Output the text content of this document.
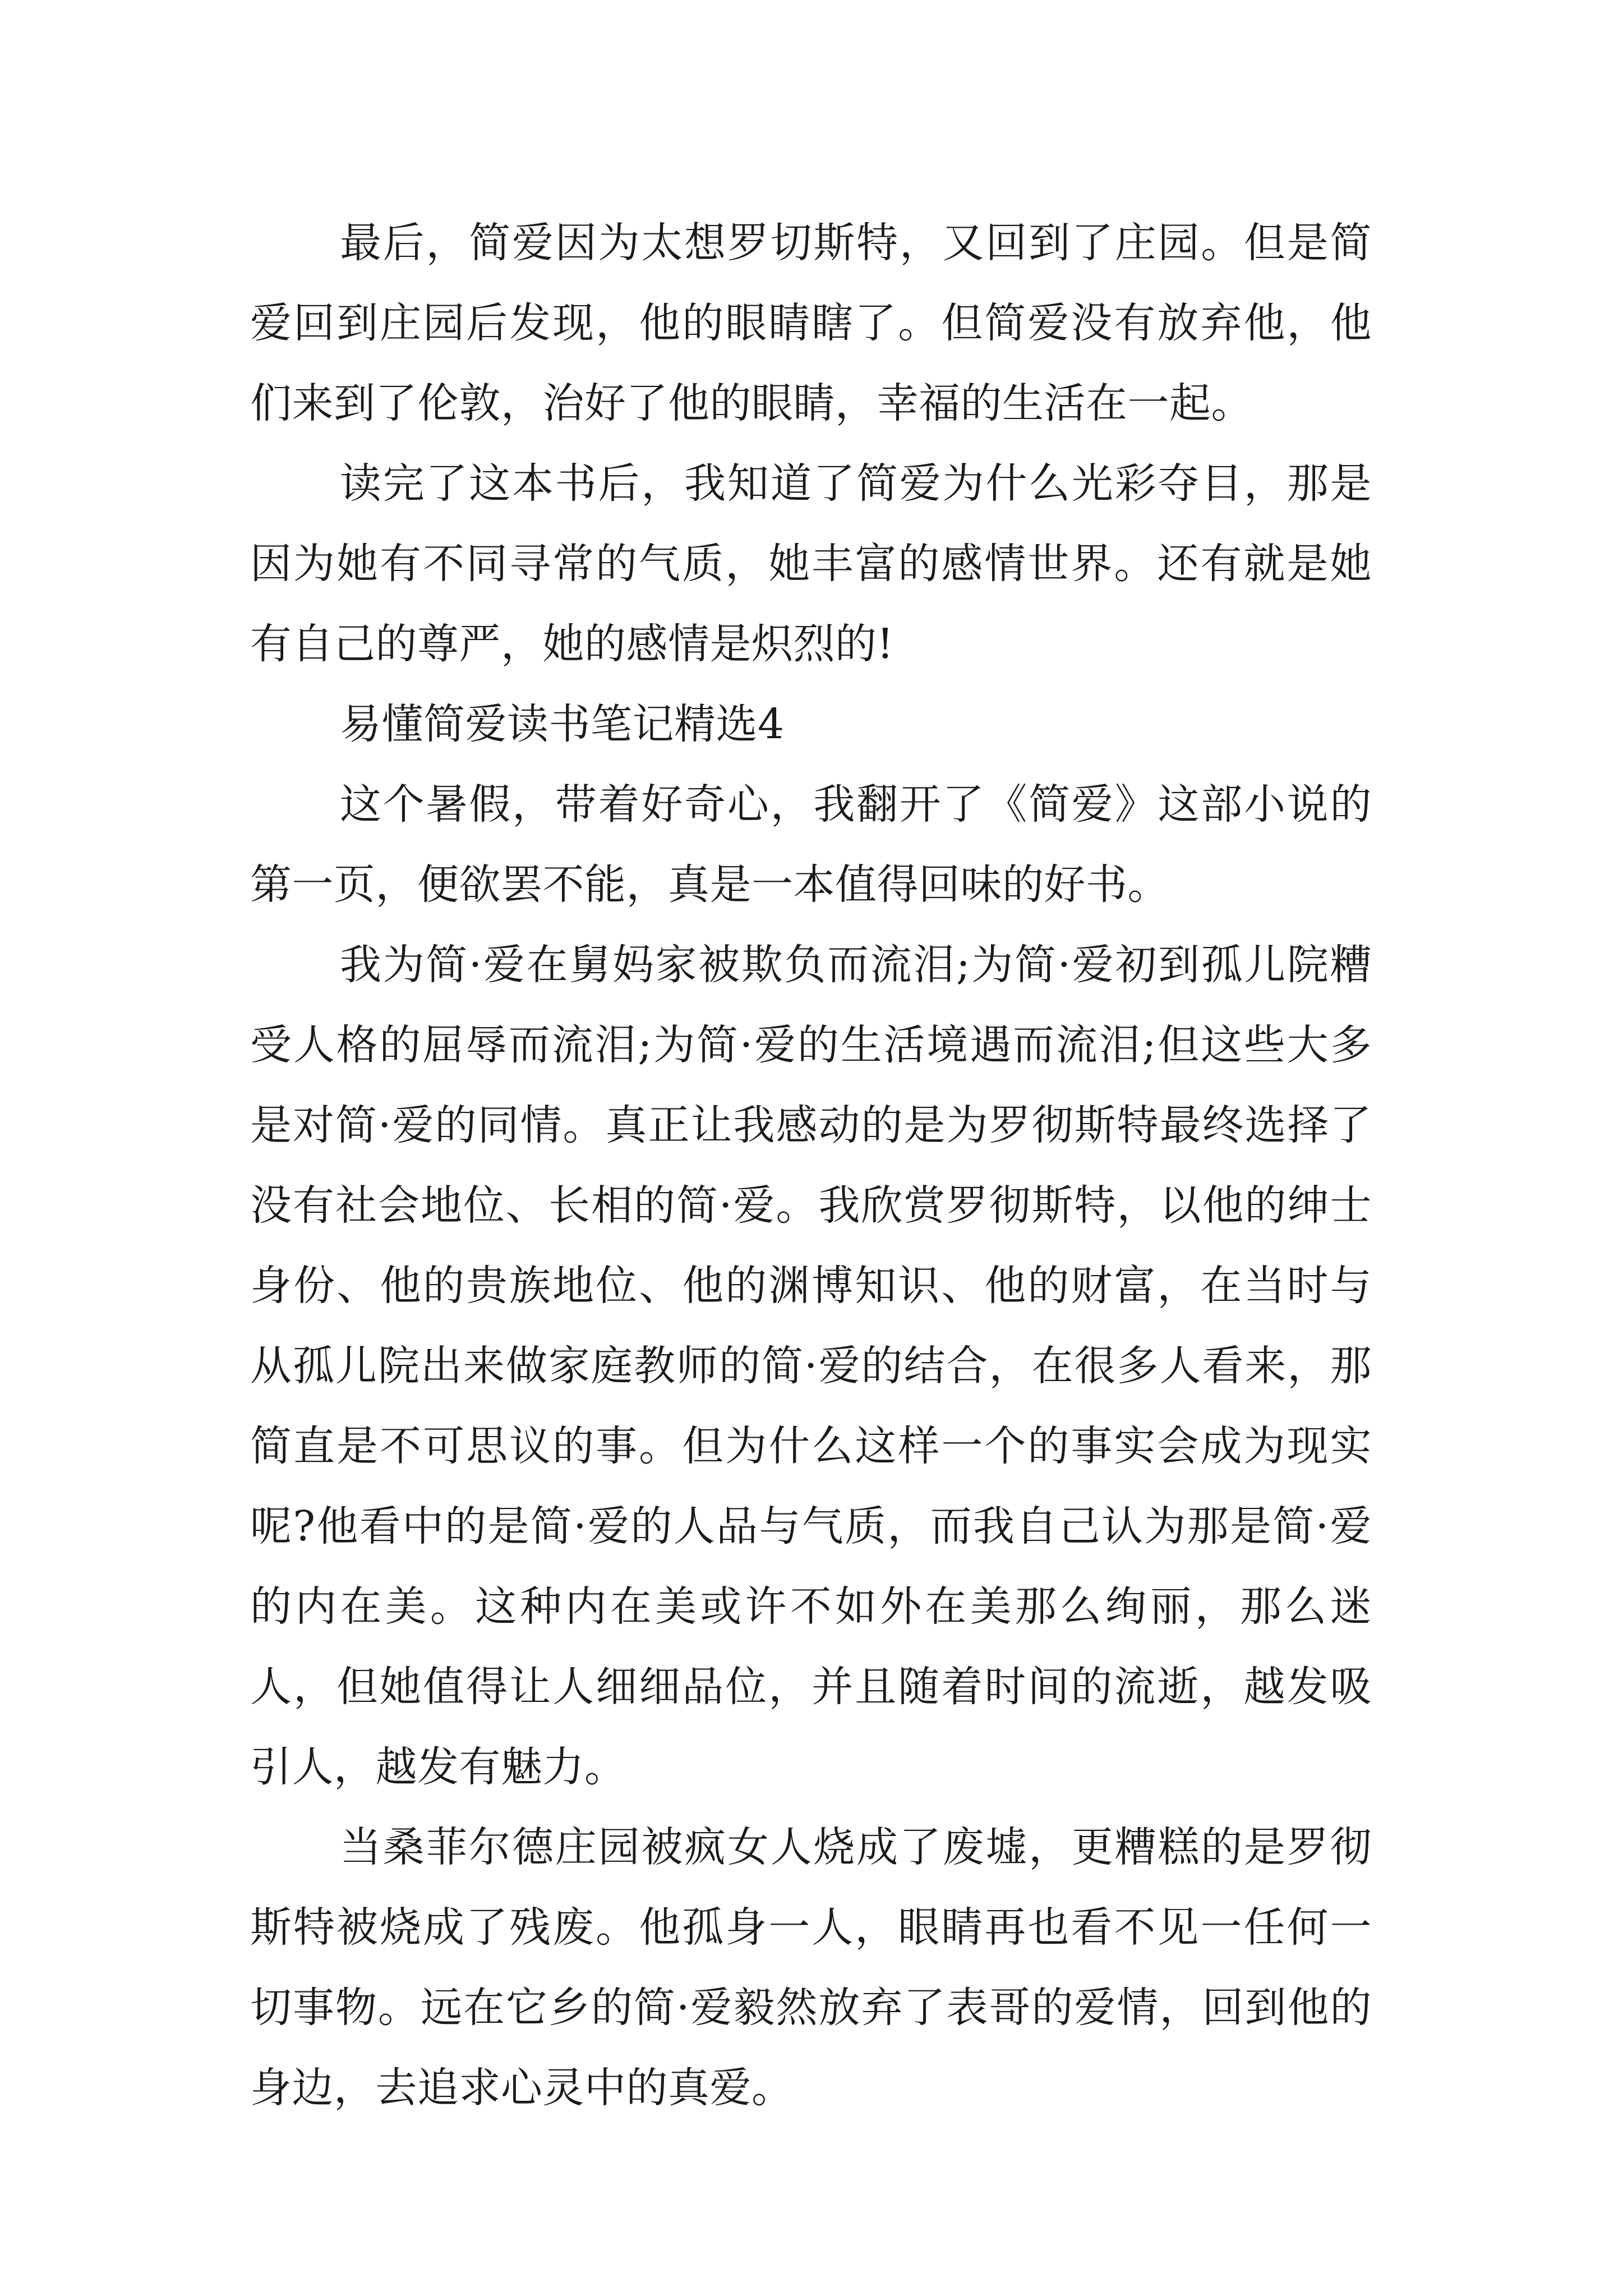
最后，简爱因为太想罗切斯特，又回到了庄园。但是简爱回到庄园后发现，他的眼睛瞎了。但简爱没有放弃他，他们来到了伦敦，治好了他的眼睛，幸福的生活在一起。

读完了这本书后，我知道了简爱为什么光彩夺目，那是因为她有不同寻常的气质，她丰富的感情世界。还有就是她有自己的尊严，她的感情是炽烈的!

易懂简爱读书笔记精选4

这个暑假，带着好奇心，我翻开了《简爱》这部小说的第一页，便欲罢不能，真是一本值得回味的好书。

我为简·爱在舅妈家被欺负而流泪;为简·爱初到孤儿院糟受人格的屈辱而流泪;为简·爱的生活境遇而流泪;但这些大多是对简·爱的同情。真正让我感动的是为罗彻斯特最终选择了没有社会地位、长相的简·爱。我欣赏罗彻斯特，以他的绅士身份、他的贵族地位、他的渊博知识、他的财富，在当时与从孤儿院出来做家庭教师的简·爱的结合，在很多人看来，那简直是不可思议的事。但为什么这样一个的事实会成为现实呢?他看中的是简·爱的人品与气质，而我自己认为那是简·爱的内在美。这种内在美或许不如外在美那么绚丽，那么迷人，但她值得让人细细品位，并且随着时间的流逝，越发吸引人，越发有魅力。

当桑菲尔德庄园被疯女人烧成了废墟，更糟糕的是罗彻斯特被烧成了残废。他孤身一人，眼睛再也看不见一任何一切事物。远在它乡的简·爱毅然放弃了表哥的爱情，回到他的身边，去追求心灵中的真爱。
